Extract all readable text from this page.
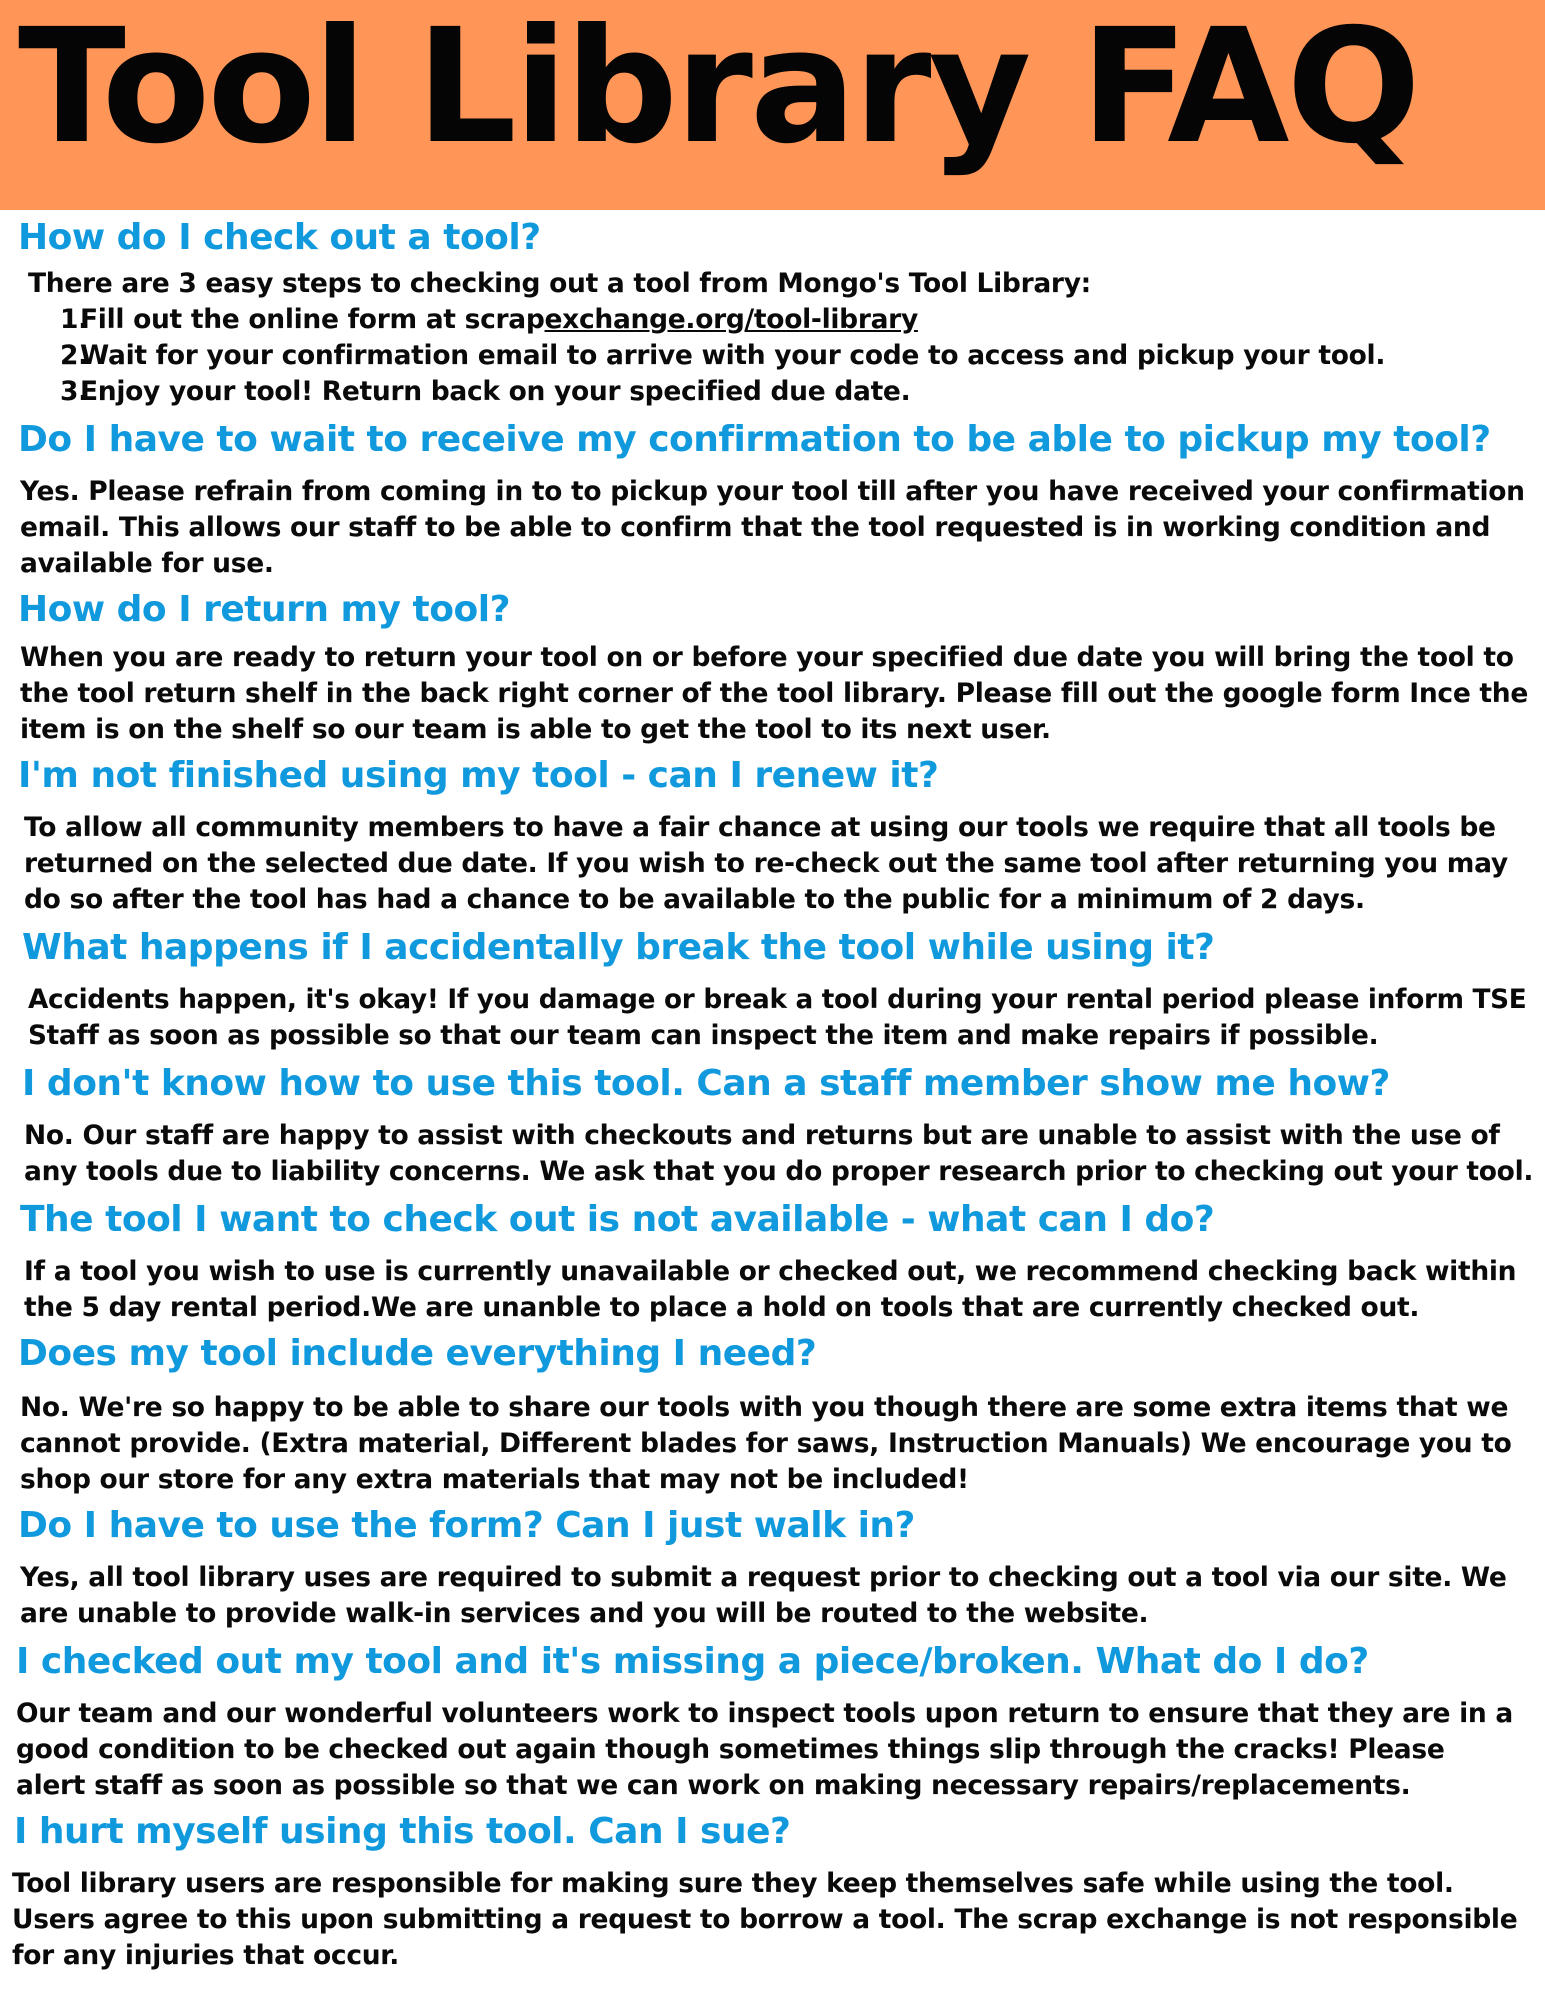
Tool Library FAQ
How do I check out a tool?

There are 3 easy steps to checking out a tool from Mongo's Tool Library:

1.
Fill out the online form at scrapexchange.org/tool-library
2.
Wait for your confirmation email to arrive with your code to access and pickup your tool.
3.
Enjoy your tool! Return back on your specified due date.
Do I have to wait to receive my confirmation to be able to pickup my tool?
Yes. Please refrain from coming in to to pickup your tool till after you have received your confirmation
email. This allows our staff to be able to confirm that the tool requested is in working condition and
available for use.
How do I return my tool?
When you are ready to return your tool on or before your specified due date you will bring the tool to
the tool return shelf in the back right corner of the tool library. Please fill out the google form Ince the
item is on the shelf so our team is able to get the tool to its next user.
I'm not finished using my tool - can I renew it?
To allow all community members to have a fair chance at using our tools we require that all tools be
returned on the selected due date. If you wish to re-check out the same tool after returning you may
do so after the tool has had a chance to be available to the public for a minimum of 2 days.
What happens if I accidentally break the tool while using it?
Accidents happen, it's okay! If you damage or break a tool during your rental period please inform TSE
Staff as soon as possible so that our team can inspect the item and make repairs if possible.
I don't know how to use this tool. Can a staff member show me how?
No. Our staff are happy to assist with checkouts and returns but are unable to assist with the use of
any tools due to liability concerns. We ask that you do proper research prior to checking out your tool.
The tool I want to check out is not available - what can I do?
If a tool you wish to use is currently unavailable or checked out, we recommend checking back within
the 5 day rental period.We are unanble to place a hold on tools that are currently checked out.
Does my tool include everything I need?
No. We're so happy to be able to share our tools with you though there are some extra items that we
cannot provide. (Extra material, Different blades for saws, Instruction Manuals) We encourage you to
shop our store for any extra materials that may not be included!
Do I have to use the form? Can I just walk in?
Yes, all tool library uses are required to submit a request prior to checking out a tool via our site. We
are unable to provide walk-in services and you will be routed to the website.
I checked out my tool and it's missing a piece/broken. What do I do?
Our team and our wonderful volunteers work to inspect tools upon return to ensure that they are in a
good condition to be checked out again though sometimes things slip through the cracks! Please
alert staff as soon as possible so that we can work on making necessary repairs/replacements.
I hurt myself using this tool. Can I sue?
Tool library users are responsible for making sure they keep themselves safe while using the tool.
Users agree to this upon submitting a request to borrow a tool. The scrap exchange is not responsible
for any injuries that occur.
